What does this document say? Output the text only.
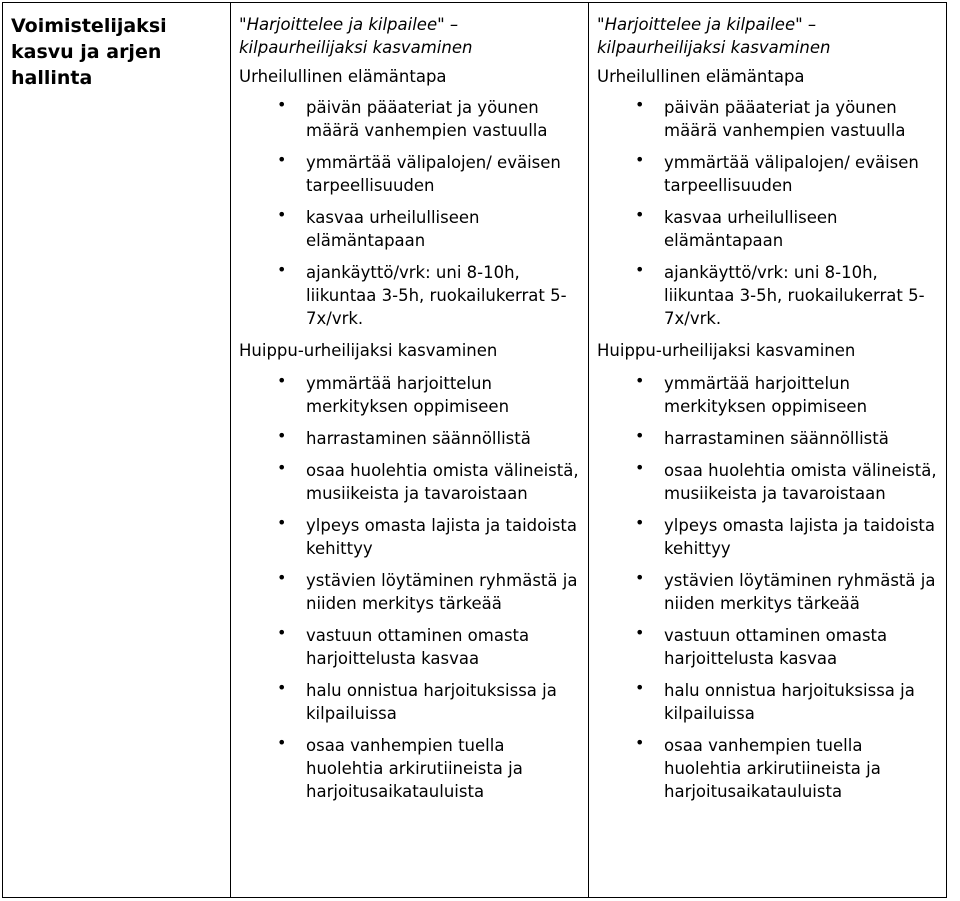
Voimistelijaksi kasvu ja arjen hallinta

"Harjoittelee ja kilpailee" – kilpaurheilijaksi kasvaminen
Urheilullinen elämäntapa
• päivän pääateriat ja yöunen määrä vanhempien vastuulla
• ymmärtää välipalojen/ eväisen tarpeellisuuden
• kasvaa urheilulliseen elämäntapaan
• ajankäyttö/vrk: uni 8-10h, liikuntaa 3-5h, ruokailukerrat 5-7x/vrk.
Huippu-urheilijaksi kasvaminen
• ymmärtää harjoittelun merkityksen oppimiseen
• harrastaminen säännöllistä
• osaa huolehtia omista välineistä, musiikeista ja tavaroistaan
• ylpeys omasta lajista ja taidoista kehittyy
• ystävien löytäminen ryhmästä ja niiden merkitys tärkeää
• vastuun ottaminen omasta harjoittelusta kasvaa
• halu onnistua harjoituksissa ja kilpailuissa
• osaa vanhempien tuella huolehtia arkirutiineista ja harjoitusaikatauluista

"Harjoittelee ja kilpailee" – kilpaurheilijaksi kasvaminen
Urheilullinen elämäntapa
• päivän pääateriat ja yöunen määrä vanhempien vastuulla
• ymmärtää välipalojen/ eväisen tarpeellisuuden
• kasvaa urheilulliseen elämäntapaan
• ajankäyttö/vrk: uni 8-10h, liikuntaa 3-5h, ruokailukerrat 5-7x/vrk.
Huippu-urheilijaksi kasvaminen
• ymmärtää harjoittelun merkityksen oppimiseen
• harrastaminen säännöllistä
• osaa huolehtia omista välineistä, musiikeista ja tavaroistaan
• ylpeys omasta lajista ja taidoista kehittyy
• ystävien löytäminen ryhmästä ja niiden merkitys tärkeää
• vastuun ottaminen omasta harjoittelusta kasvaa
• halu onnistua harjoituksissa ja kilpailuissa
• osaa vanhempien tuella huolehtia arkirutiineista ja harjoitusaikatauluista
